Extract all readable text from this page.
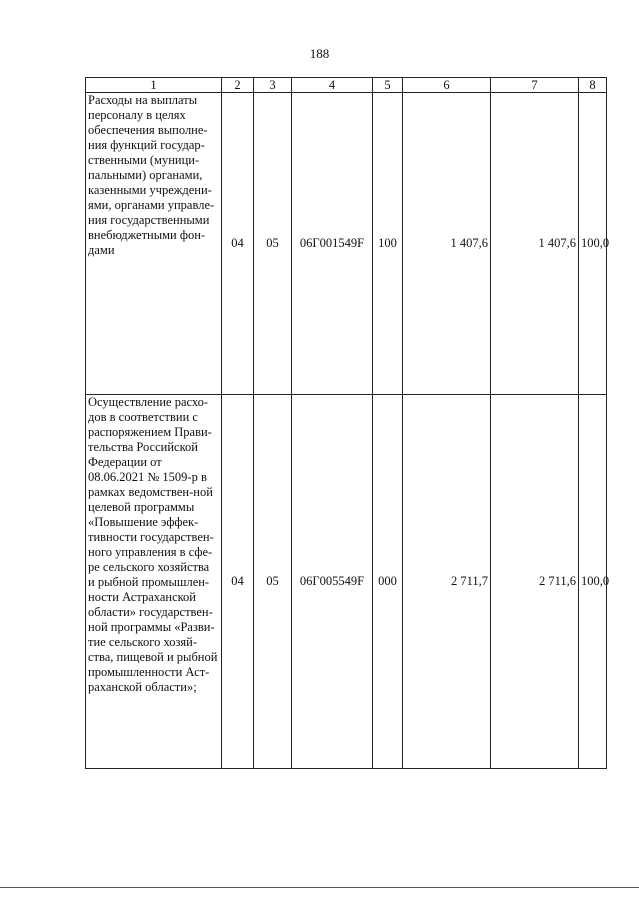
188
1	2	3	4	5	6	7	8
Расходы на выплаты персоналу в целях обеспечения выполне-ния функций государ-ственными (муници-пальными) органами, казенными учреждени-ями, органами управле-ния государственными внебюджетными фон-дами	04	05	06Г001549F	100	1 407,6	1 407,6	100,0
Осуществление расхо-дов в соответствии с распоряжением Прави-тельства Российской Федерации от 08.06.2021 № 1509-р в рамках ведомствен-ной целевой программы «Повышение эффек-тивности государствен-ного управления в сфе-ре сельского хозяйства и рыбной промышлен-ности Астраханской области» государствен-ной программы «Разви-тие сельского хозяй-ства, пищевой и рыбной промышленности Аст-раханской области»;	04	05	06Г005549F	000	2 711,7	2 711,6	100,0
